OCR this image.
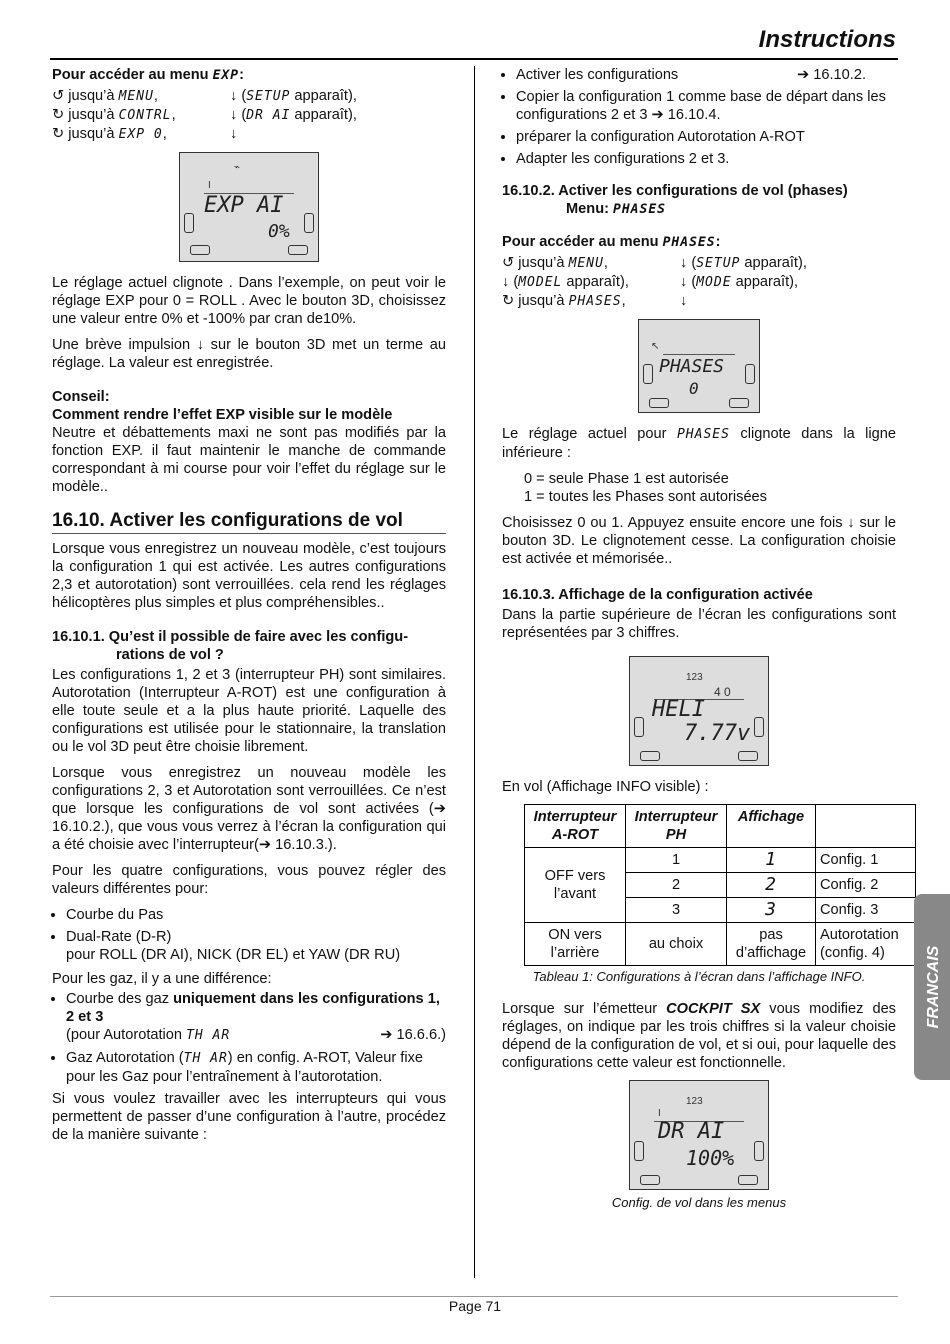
Instructions

Pour accéder au menu EXP:

↺ jusqu’à MENU,	↓ (SETUP apparaît),
↻ jusqu’à CONTRL,	↓ (DR AI apparaît),
↻ jusqu’à EXP 0,	↓
⌁
I
EXP AI
0%

Le réglage actuel clignote . Dans l’exemple, on peut voir le réglage EXP pour 0 = ROLL . Avec le bouton 3D, choisissez une valeur entre 0% et -100% par cran de10%.

Une brève impulsion ↓ sur le bouton 3D met un terme au réglage. La valeur est enregistrée.

Conseil:
Comment rendre l’effet EXP visible sur le modèle

Neutre et débattements maxi ne sont pas modifiés par la fonction EXP. il faut maintenir le manche de commande correspondant à mi course pour voir l’effet du réglage sur le modèle..

16.10. Activer les configurations de vol

Lorsque vous enregistrez un nouveau modèle, c’est toujours la configuration 1 qui est activée. Les autres configurations 2,3 et autorotation) sont verrouillées. cela rend les réglages hélicoptères plus simples et plus compréhensibles..

16.10.1. Qu’est il possible de faire avec les configu-
rations de vol ?

Les configurations 1, 2 et 3 (interrupteur PH) sont similaires. Autorotation (Interrupteur A-ROT) est une configuration à elle toute seule et a la plus haute priorité. Laquelle des configurations est utilisée pour le stationnaire, la translation ou le vol 3D peut être choisie librement.

Lorsque vous enregistrez un nouveau modèle les configurations 2, 3 et Autorotation sont verrouillées. Ce n’est que lorsque les configurations de vol sont activées (➔ 16.10.2.), que vous vous verrez à l’écran la configuration qui a été choisie avec l’interrupteur(➔ 16.10.3.).

Pour les quatre configurations, vous pouvez régler des valeurs différentes pour:

• Courbe du Pas
• Dual-Rate (D-R)
pour ROLL (DR AI), NICK (DR EL) et YAW (DR RU)

Pour les gaz, il y a une différence:

• Courbe des gaz uniquement dans les configurations 1, 2 et 3
(pour Autorotation TH AR	➔ 16.6.6.)
• Gaz Autorotation (TH AR) en config. A-ROT, Valeur fixe pour les Gaz pour l’entraînement à l’autorotation.

Si vous voulez travailler avec les interrupteurs qui vous permettent de passer d’une configuration à l’autre, procédez de la manière suivante :

• Activer les configurations	➔ 16.10.2.
• Copier la configuration 1 comme base de départ dans les configurations 2 et 3 ➔ 16.10.4.
• préparer la configuration Autorotation A-ROT
• Adapter les configurations 2 et 3.
16.10.2. Activer les configurations de vol (phases)
Menu: PHASES

Pour accéder au menu PHASES:

↺ jusqu’à MENU,	↓ (SETUP apparaît),
↓ (MODEL apparaît),	↓ (MODE apparaît),
↻ jusqu’à PHASES,	↓
↖
PHASES
0

Le réglage actuel pour PHASES clignote dans la ligne inférieure :

0 = seule Phase 1 est autorisée
1 = toutes les Phases sont autorisées

Choisissez 0 ou 1. Appuyez ensuite encore une fois ↓ sur le bouton 3D. Le clignotement cesse. La configuration choisie est activée et mémorisée..

16.10.3. Affichage de la configuration activée

Dans la partie supérieure de l’écran les configurations sont représentées par 3 chiffres.

123
4 0
HELI
7.77v

En vol (Affichage INFO visible) :

Interrupteur A-ROT	Interrupteur PH	Affichage	
OFF vers l’avant	1	1	Config. 1
	2	2	Config. 2
	3	3	Config. 3
ON vers l’arrière	au choix	pas d’affichage	Autorotation (config. 4)
Tableau 1: Configurations à l’écran dans l’affichage INFO.

Lorsque sur l’émetteur COCKPIT SX vous modifiez des réglages, on indique par les trois chiffres si la valeur choisie dépend de la configuration de vol, et si oui, pour laquelle des configurations cette valeur est fonctionnelle.

123
I
DR AI
100%
Config. de vol dans les menus
FRANCAIS
Page 71
